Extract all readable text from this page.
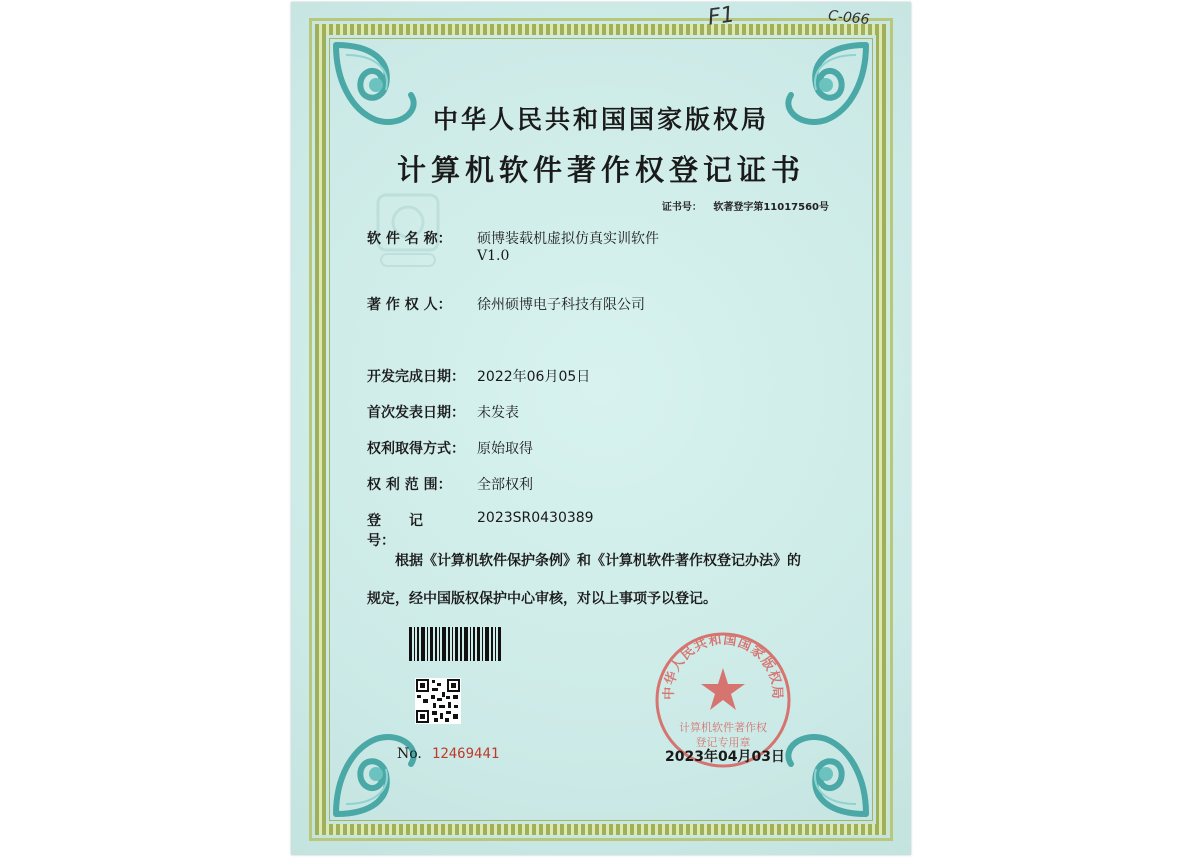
中华人民共和国国家版权局
计算机软件著作权登记证书
证书号： 软著登字第11017560号
软 件 名 称： 硕博装载机虚拟仿真实训软件
V1.0
著 作 权 人： 徐州硕博电子科技有限公司
开发完成日期： 2022年06月05日
首次发表日期： 未发表
权利取得方式： 原始取得
权 利 范 围： 全部权利
登　　记　　号：2023SR0430389
根据《计算机软件保护条例》和《计算机软件著作权登记办法》的
规定，经中国版权保护中心审核，对以上事项予以登记。
No. 12469441
中华人民共和国国家版权局
计算机软件著作权
登记专用章
2023年04月03日
F1	C-066
